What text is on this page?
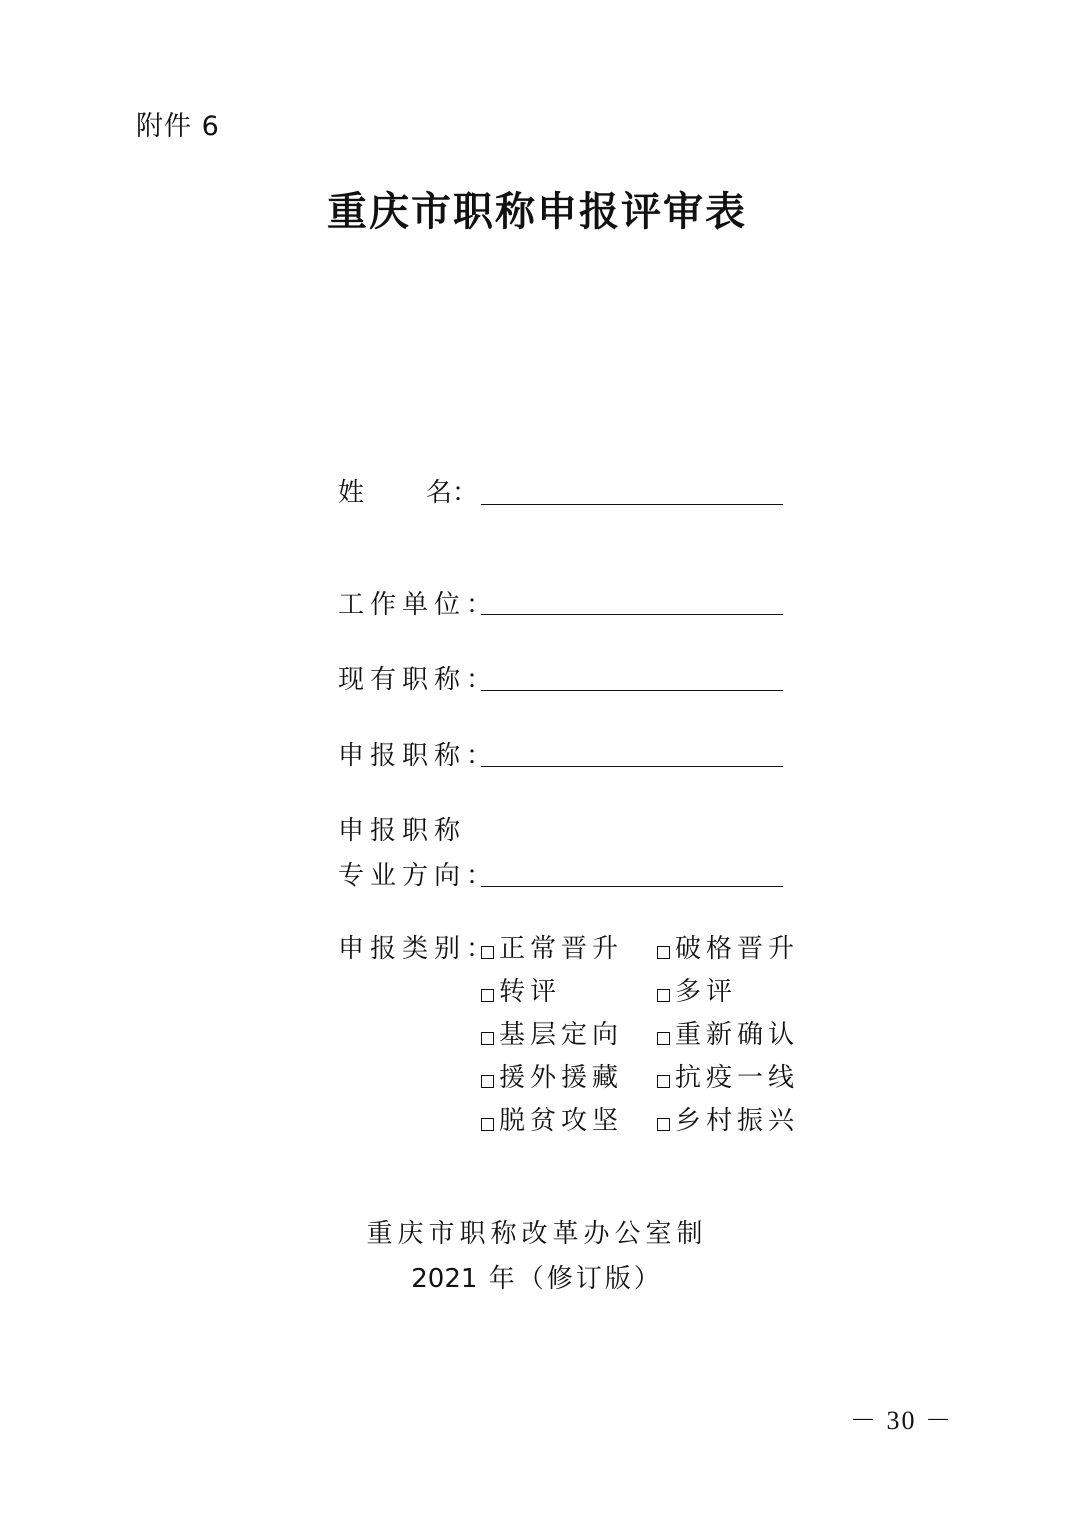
附件 6
重庆市职称申报评审表
姓 名：
工作单位：
现有职称：
申报职称：
申报职称
专业方向：
申报类别： 正常晋升 破格晋升
转评	多评
基层定向 重新确认
援外援藏 抗疫一线
脱贫攻坚 乡村振兴
重庆市职称改革办公室制
2021 年（修订版）
－ 30 －
